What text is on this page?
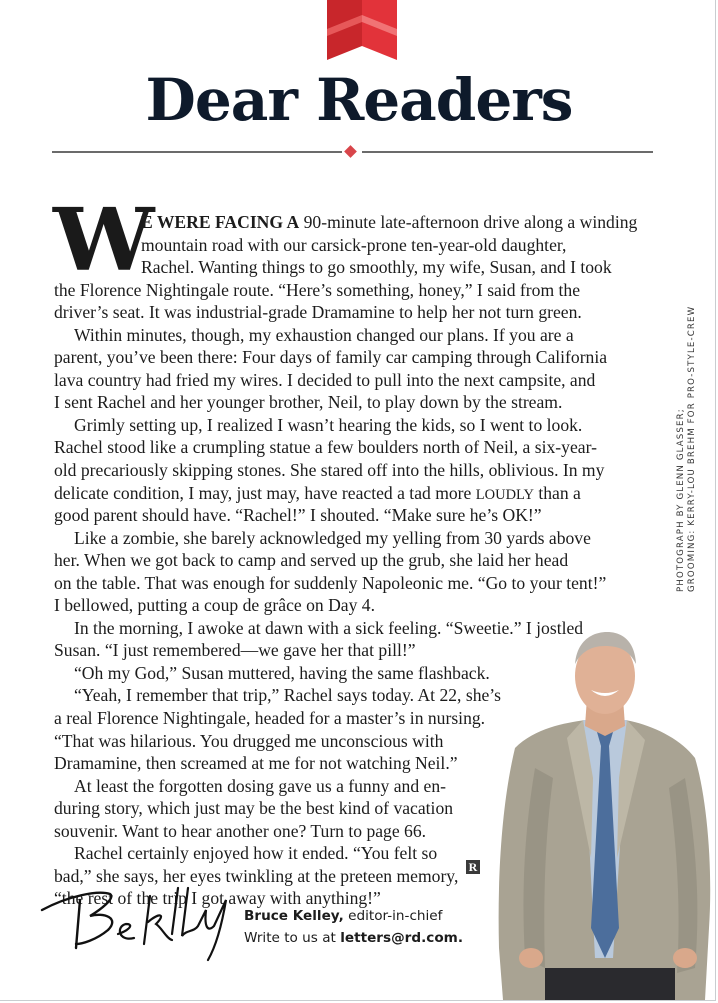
Dear Readers
W
E WERE FACING A 90-minute late-afternoon drive along a winding
mountain road with our carsick-prone ten-year-old daughter,
Rachel. Wanting things to go smoothly, my wife, Susan, and I took
the Florence Nightingale route. “Here’s something, honey,” I said from the
driver’s seat. It was industrial-grade Dramamine to help her not turn green.
Within minutes, though, my exhaustion changed our plans. If you are a
parent, you’ve been there: Four days of family car camping through California
lava country had fried my wires. I decided to pull into the next campsite, and
I sent Rachel and her younger brother, Neil, to play down by the stream.
Grimly setting up, I realized I wasn’t hearing the kids, so I went to look.
Rachel stood like a crumpling statue a few boulders north of Neil, a six-year-
old precariously skipping stones. She stared off into the hills, oblivious. In my
delicate condition, I may, just may, have reacted a tad more LOUDLY than a
good parent should have. “Rachel!” I shouted. “Make sure he’s OK!”
Like a zombie, she barely acknowledged my yelling from 30 yards above
her. When we got back to camp and served up the grub, she laid her head
on the table. That was enough for suddenly Napoleonic me. “Go to your tent!”
I bellowed, putting a coup de grâce on Day 4.
In the morning, I awoke at dawn with a sick feeling. “Sweetie.” I jostled
Susan. “I just remembered—we gave her that pill!”
“Oh my God,” Susan muttered, having the same flashback.
“Yeah, I remember that trip,” Rachel says today. At 22, she’s
a real Florence Nightingale, headed for a master’s in nursing.
“That was hilarious. You drugged me unconscious with
Dramamine, then screamed at me for not watching Neil.”
At least the forgotten dosing gave us a funny and en-
during story, which just may be the best kind of vacation
souvenir. Want to hear another one? Turn to page 66.
Rachel certainly enjoyed how it ended. “You felt so
bad,” she says, her eyes twinkling at the preteen memory,
“the rest of the trip I got away with anything!”
R
PHOTOGRAPH BY GLENN GLASSER; GROOMING: KERRY-LOU BREHM FOR PRO-STYLE-CREW
Bruce Kelley, editor-in-chief
Write to us at letters@rd.com.
